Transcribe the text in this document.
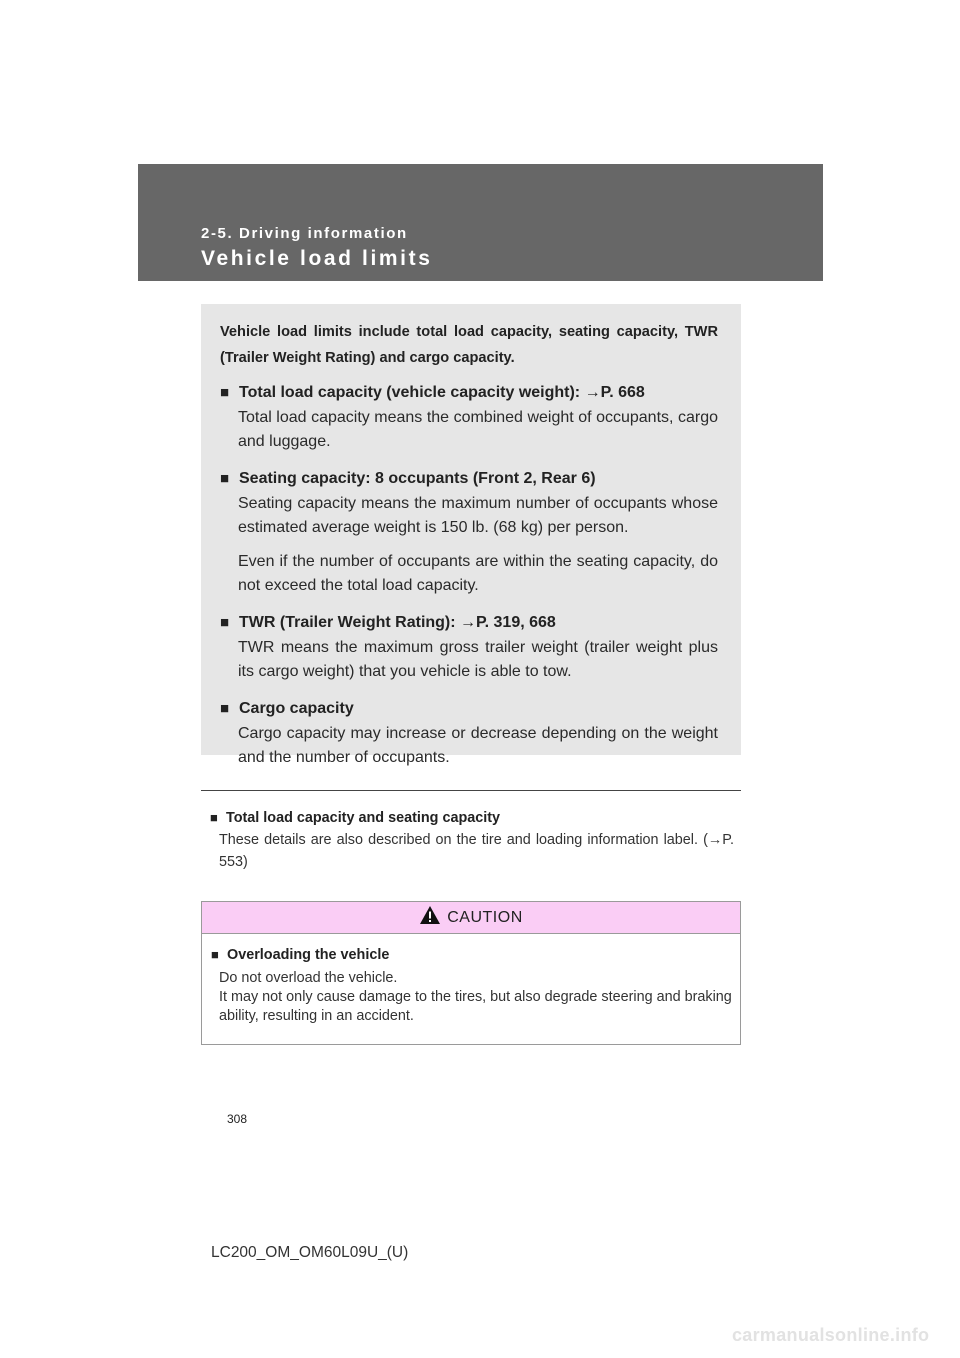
2-5. Driving information
Vehicle load limits

Vehicle load limits include total load capacity, seating capacity, TWR (Trailer Weight Rating) and cargo capacity.

■ Total load capacity (vehicle capacity weight): →P. 668
Total load capacity means the combined weight of occupants, cargo and luggage.
■ Seating capacity: 8 occupants (Front 2, Rear 6)
Seating capacity means the maximum number of occupants whose estimated average weight is 150 lb. (68 kg) per person.
Even if the number of occupants are within the seating capacity, do not exceed the total load capacity.
■ TWR (Trailer Weight Rating): →P. 319, 668
TWR means the maximum gross trailer weight (trailer weight plus its cargo weight) that you vehicle is able to tow.
■ Cargo capacity
Cargo capacity may increase or decrease depending on the weight and the number of occupants.
■ Total load capacity and seating capacity
These details are also described on the tire and loading information label. (→P. 553)
CAUTION
■ Overloading the vehicle
Do not overload the vehicle.
It may not only cause damage to the tires, but also degrade steering and braking ability, resulting in an accident.
308
LC200_OM_OM60L09U_(U)
carmanualsonline.info
